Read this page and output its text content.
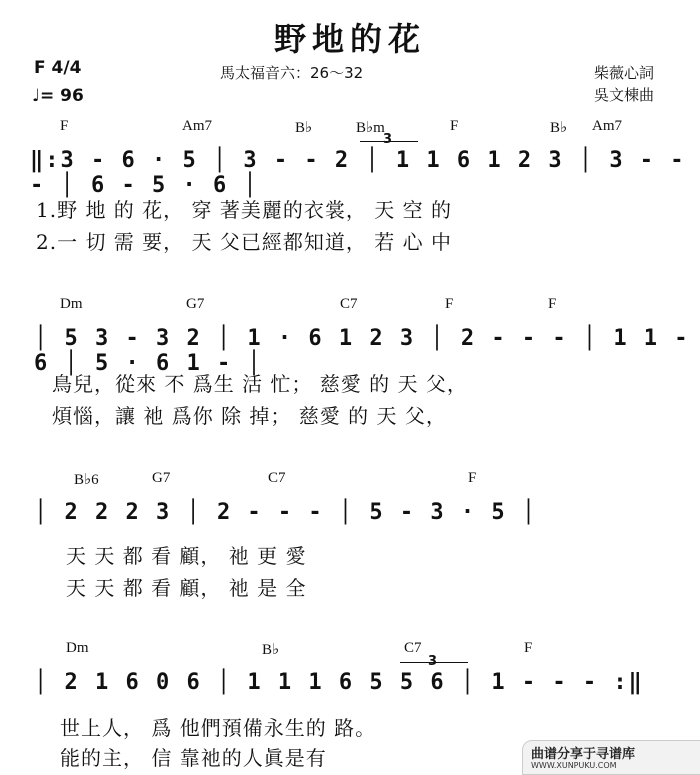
野地的花
馬太福音六：26～32
F 4/4
♩= 96
柴薇心詞
吳文棟曲
F	Am7	B♭	B♭m	F	B♭ Am7
3
‖:3 - 6 · 5 │ 3 - - 2 │ 1 1 6 1 2 3 │ 3 - - - │ 6 - 5 · 6 │
1.野 地 的 花， 穿 著美麗的衣裳， 天 空 的
2.一 切 需 要， 天 父已經都知道， 若 心 中
Dm	G7	C7	F	F
│ 5 3 - 3 2 │ 1 · 6 1 2 3 │ 2 - - - │ 1 1 - 6 │ 5 · 6 1 - │
鳥兒，從來 不 爲生 活 忙； 慈愛 的 天 父，
煩惱，讓 祂 爲你 除 掉； 慈愛 的 天 父，
B♭6	G7	C7	F
│ 2 2 2 3 │ 2 - - - │ 5 - 3 · 5 │
天 天 都 看 顧， 祂 更 愛
天 天 都 看 顧， 祂 是 全
Dm	B♭	C7	F
3
│ 2 1 6 0 6 │ 1 1 1 6 5 5 6 │ 1 - - - :‖
世上人， 爲 他們預備永生的 路。
能的主， 信 靠祂的人眞是有	曲谱分享于寻谱库
WWW.XUNPUKU.COM
